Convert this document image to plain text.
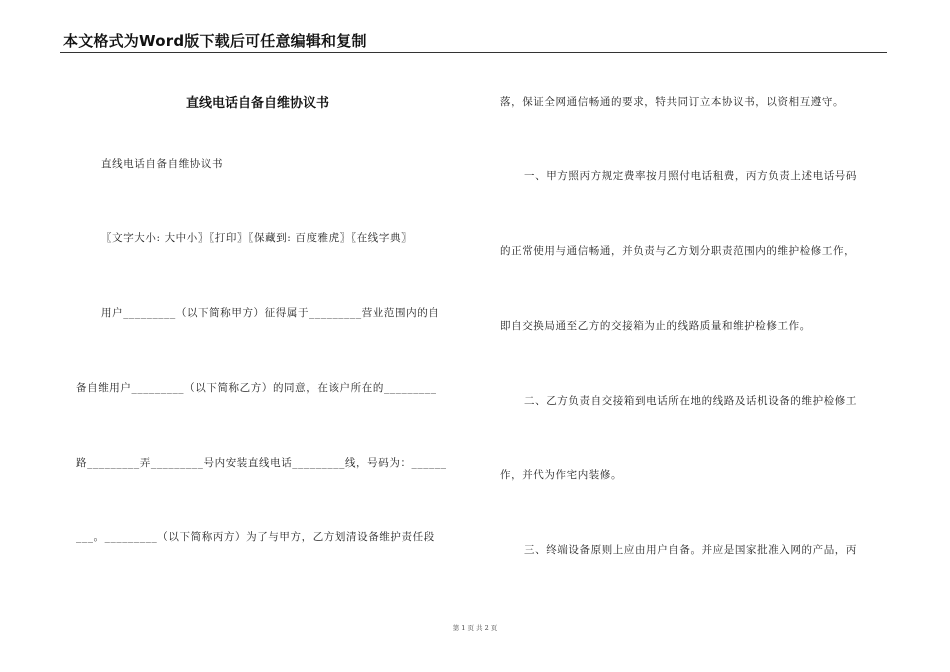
本文格式为Word版下载后可任意编辑和复制
直线电话自备自维协议书
直线电话自备自维协议书
〖文字大小: 大中小〗〖打印〗〖保藏到: 百度雅虎〗〖在线字典〗
用户_________（以下简称甲方）征得属于_________营业范围内的自
备自维用户_________（以下简称乙方）的同意，在该户所在的_________
路_________弄_________号内安装直线电话_________线，号码为：______
___。_________（以下简称丙方）为了与甲方，乙方划清设备维护责任段
落，保证全网通信畅通的要求，特共同订立本协议书，以资相互遵守。
一、甲方照丙方规定费率按月照付电话租费，丙方负责上述电话号码
的正常使用与通信畅通，并负责与乙方划分职责范围内的维护检修工作，
即自交换局通至乙方的交接箱为止的线路质量和维护检修工作。
二、乙方负责自交接箱到电话所在地的线路及话机设备的维护检修工
作，并代为作宅内装修。
三、终端设备原则上应由用户自备。并应是国家批准入网的产品，丙
第 1 页 共 2 页
